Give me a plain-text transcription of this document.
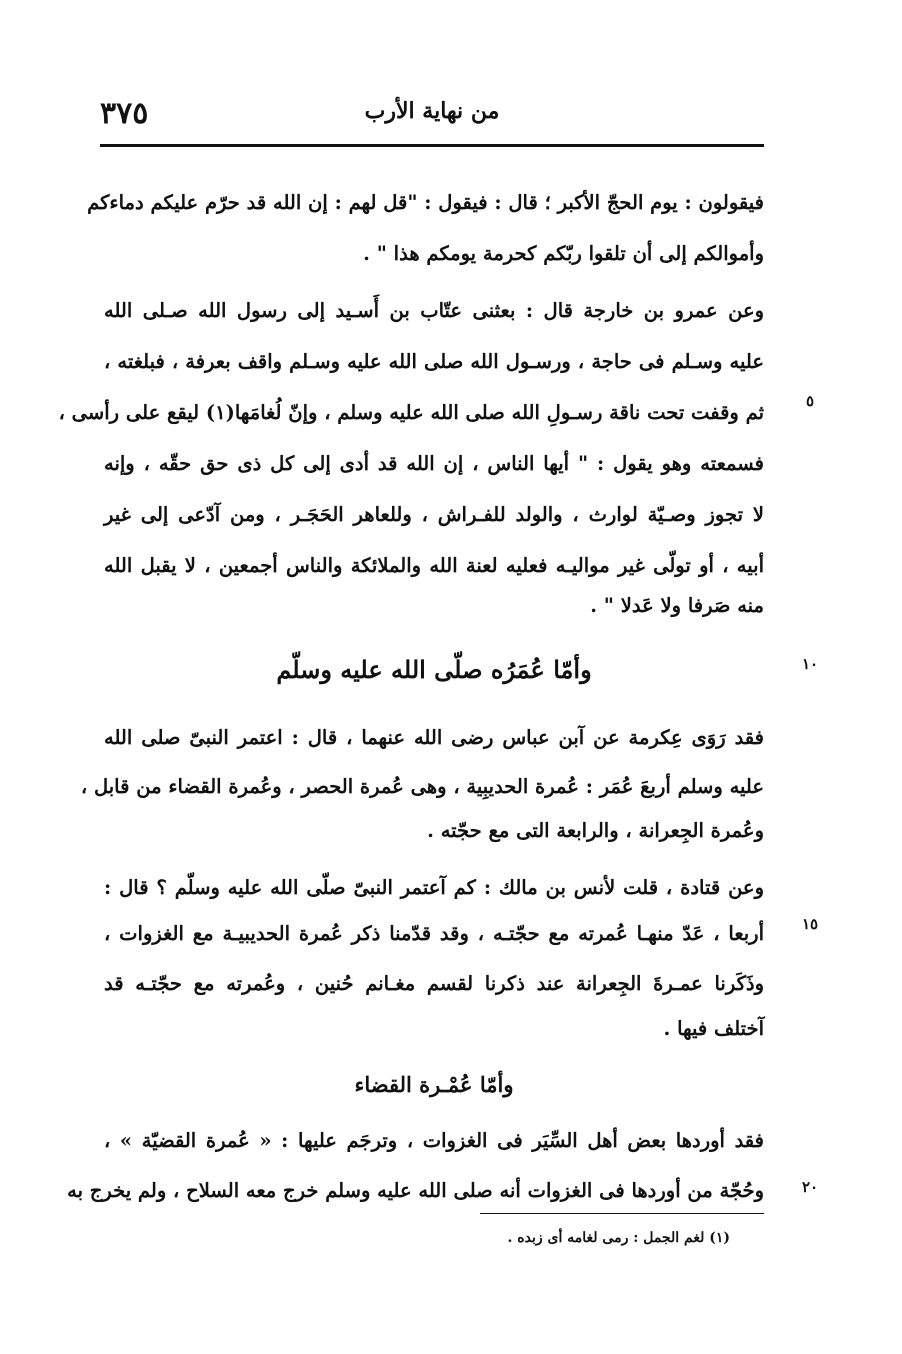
٣٧٥	من نهاية الأرب
فيقولون : يوم الحجّ الأكبر ؛ قال : فيقول : "قل لهم : إن الله قد حرّم عليكم دماءكم
وأموالكم إلى أن تلقوا ربّكم كحرمة يومكم هذا " .
وعن عمرو بن خارجة قال : بعثنى عتّاب بن أَسـيد إلى رسول الله صـلى الله
عليه وسـلم فى حاجة ، ورسـول الله صلى الله عليه وسـلم واقف بعرفة ، فبلغته ،
ثم وقفت تحت ناقة رسـولِ الله صلى الله عليه وسلم ، وإنّ لُغامَها(١) ليقع على رأسى ،	٥
فسمعته وهو يقول : " أيها الناس ، إن الله قد أدى إلى كل ذى حق حقّه ، وإنه
لا تجوز وصـيّة لوارث ، والولد للفـراش ، وللعاهر الحَجَـر ، ومن آدّعى إلى غير
أبيه ، أو تولّى غير مواليـه فعليه لعنة الله والملائكة والناس أجمعين ، لا يقبل الله
منه صَرفا ولا عَدلا " .
وأمّا عُمَرُه صلّى الله عليه وسلّم	١٠
فقد رَوَى عِكرمة عن آبن عباس رضى الله عنهما ، قال : اعتمر النبىّ صلى الله
عليه وسلم أربعَ عُمَر : عُمرة الحديبِية ، وهى عُمرة الحصر ، وعُمرة القضاء من قابل ،
وعُمرة الجِعرانة ، والرابعة التى مع حجّته .
وعن قتادة ، قلت لأنس بن مالك : كم آعتمر النبىّ صلّى الله عليه وسلّم ؟ قال :
أربعا ، عَدّ منهـا عُمرته مع حجّتـه ، وقد قدّمنا ذكر عُمرة الحديبيـة مع الغزوات ،	١٥
وذَكَرنا عمـرةَ الجِعرانة عند ذكرنا لقسم مغـانم حُنين ، وعُمرته مع حجّتـه قد
آختلف فيها .
وأمّا عُمْـرة القضاء
فقد أوردها بعض أهل السِّيَر فى الغزوات ، وترجَم عليها : « عُمرة القضيّة » ،
وحُجّة من أوردها فى الغزوات أنه صلى الله عليه وسلم خرج معه السلاح ، ولم يخرج به	٢٠
(١) لغم الجمل : رمى لغامه أى زبده .
